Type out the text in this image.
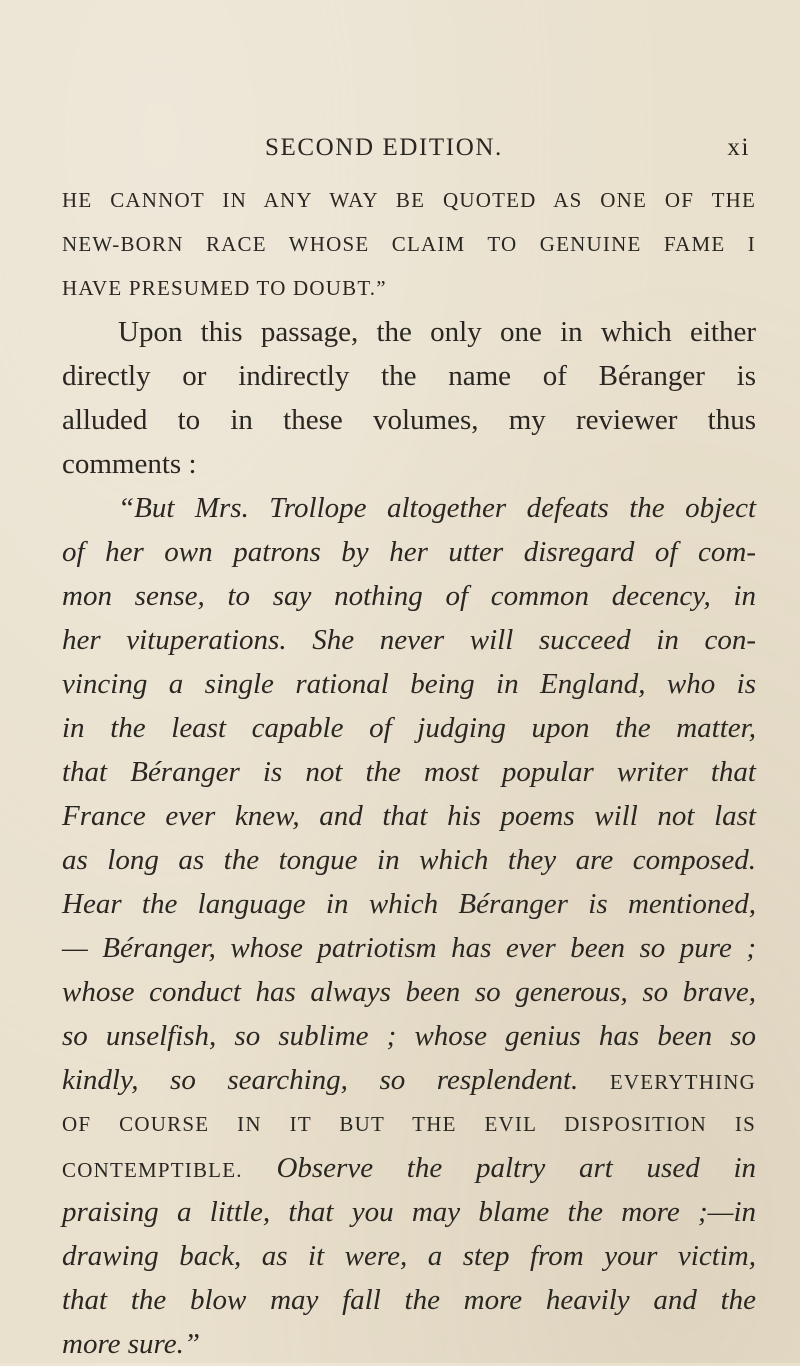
SECOND EDITION.	xi
HE CANNOT IN ANY WAY BE QUOTED AS ONE OF THE
NEW-BORN RACE WHOSE CLAIM TO GENUINE FAME I
HAVE PRESUMED TO DOUBT.”
Upon this passage, the only one in which either
directly or indirectly the name of Béranger is
alluded to in these volumes, my reviewer thus
comments :
“But Mrs. Trollope altogether defeats the object
of her own patrons by her utter disregard of com-
mon sense, to say nothing of common decency, in
her vituperations. She never will succeed in con-
vincing a single rational being in England, who is
in the least capable of judging upon the matter,
that Béranger is not the most popular writer that
France ever knew, and that his poems will not last
as long as the tongue in which they are composed.
Hear the language in which Béranger is mentioned,
— Béranger, whose patriotism has ever been so pure ;
whose conduct has always been so generous, so brave,
so unselfish, so sublime ; whose genius has been so
kindly, so searching, so resplendent. EVERYTHING
OF COURSE IN IT BUT THE EVIL DISPOSITION IS
CONTEMPTIBLE. Observe the paltry art used in
praising a little, that you may blame the more ;—in
drawing back, as it were, a step from your victim,
that the blow may fall the more heavily and the
more sure.”
